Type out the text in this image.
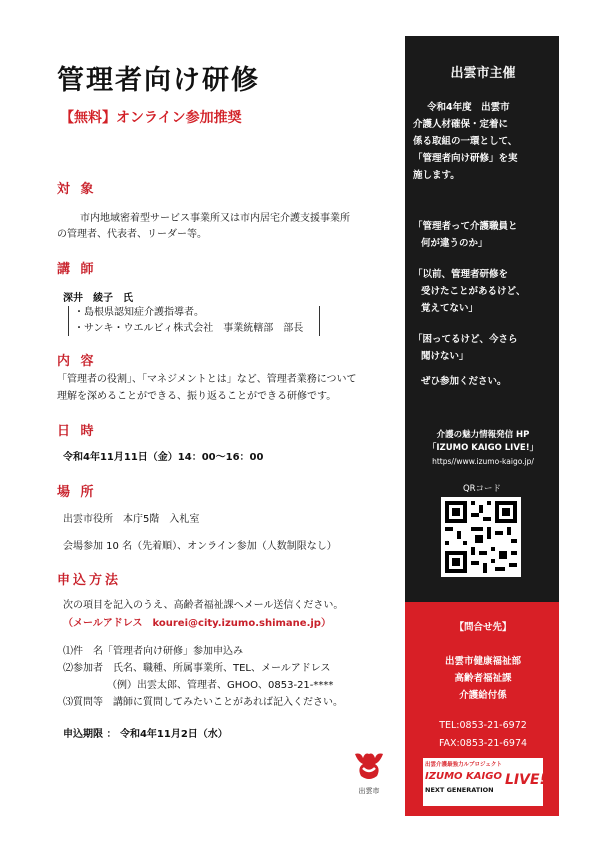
管理者向け研修
【無料】オンライン参加推奨
対 象
市内地域密着型サービス事業所又は市内居宅介護支援事業所
の管理者、代表者、リーダー等。
講 師
深井　綾子　氏
・島根県認知症介護指導者。
・サンキ・ウエルビィ株式会社　事業統轄部　部長
内 容
「管理者の役割」、「マネジメントとは」など、管理者業務について
理解を深めることができる、振り返ることができる研修です。
日 時
令和4年11月11日（金）14：00〜16：00
場 所
出雲市役所　本庁5階　入札室
会場参加 10 名（先着順）、オンライン参加（人数制限なし）
申込方法
次の項目を記入のうえ、高齢者福祉課へメール送信ください。
（メールアドレス　kourei@city.izumo.shimane.jp）
⑴件　名「管理者向け研修」参加申込み
⑵参加者　氏名、職種、所属事業所、TEL、メールアドレス
（例）出雲太郎、管理者、GHOO、0853-21-****
⑶質問等　講師に質問してみたいことがあれば記入ください。
申込期限 ： 令和4年11月2日（水）
出雲市
出雲市主催
令和4年度　出雲市
介護人材確保・定着に
係る取組の一環として、
「管理者向け研修」を実
施します。
「管理者って介護職員と
何が違うのか」
「以前、管理者研修を
受けたことがあるけど、
覚えてない」
「困ってるけど、今さら
聞けない」
ぜひ参加ください。
介護の魅力情報発信 HP
「IZUMO KAIGO LIVE!」
https//www.izumo-kaigo.jp/
QRコード
【問合せ先】
出雲市健康福祉部
高齢者福祉課
介護給付係
TEL:0853-21-6972
FAX:0853-21-6974
出雲介護最強力ルプロジェクト
IZUMO KAIGO
NEXT GENERATION
LIVE!
